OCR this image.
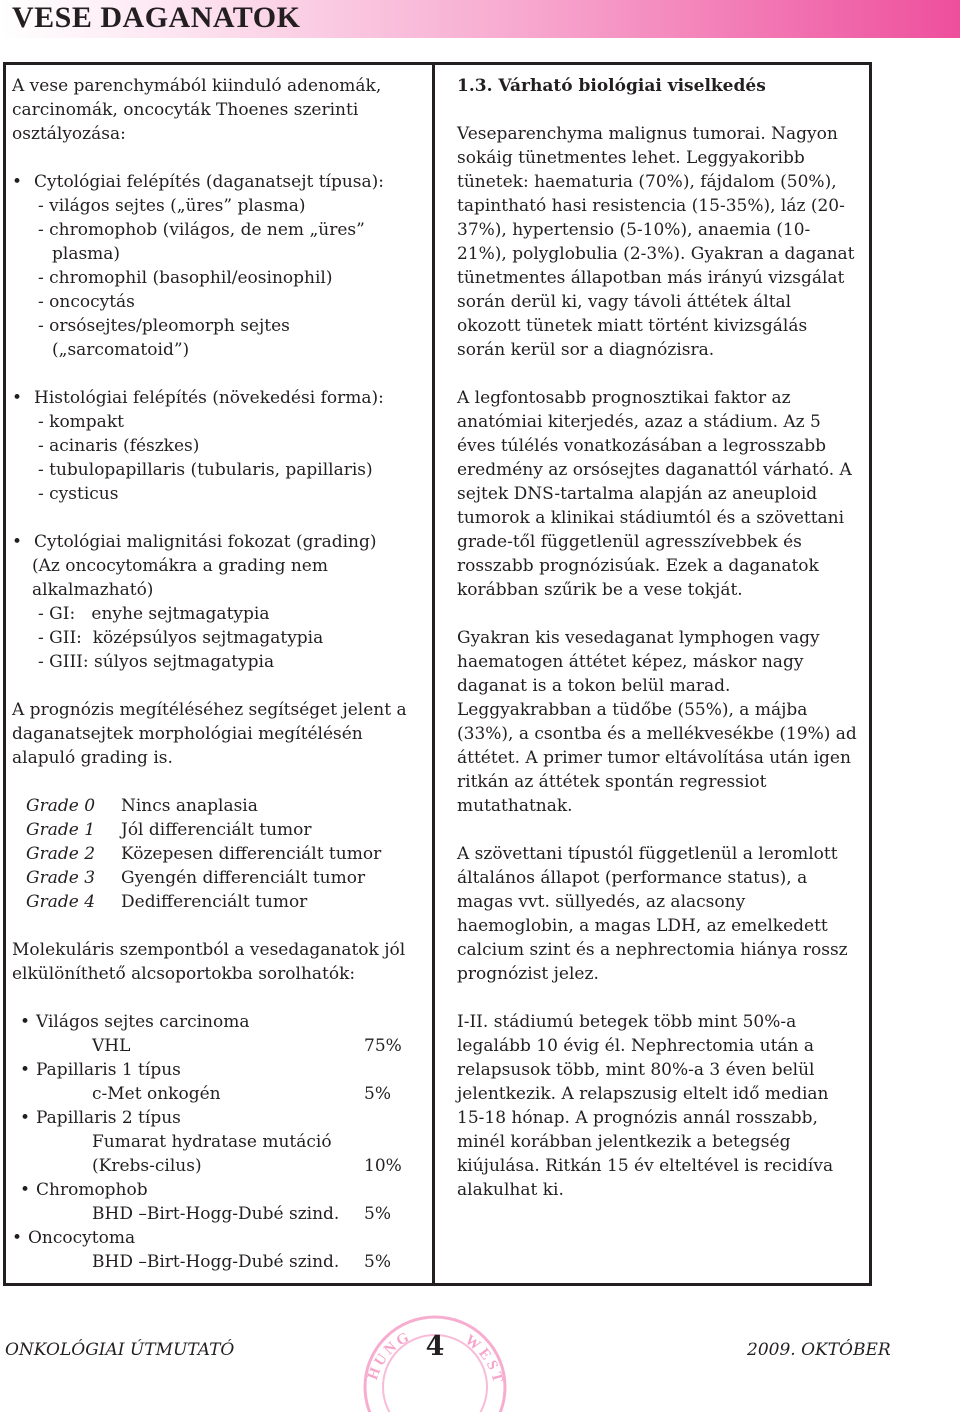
VESE DAGANATOK

A vese parenchymából kiinduló adenomák, carcinomák, oncocyták Thoenes szerinti osztályozása:

• Cytológiai felépítés (daganatsejt típusa):
- világos sejtes („üres” plasma)
- chromophob (világos, de nem „üres”
plasma)
- chromophil (basophil/eosinophil)
- oncocytás
- orsósejtes/pleomorph sejtes
(„sarcomatoid”)
• Histológiai felépítés (növekedési forma):
- kompakt
- acinaris (fészkes)
- tubulopapillaris (tubularis, papillaris)
- cysticus
• Cytológiai malignitási fokozat (grading)
(Az oncocytomákra a grading nem
alkalmazható)
- GI:   enyhe sejtmagatypia
- GII:  középsúlyos sejtmagatypia
- GIII: súlyos sejtmagatypia

A prognózis megítéléséhez segítséget jelent a daganatsejtek morphológiai megítélésén alapuló grading is.

Grade 0	Nincs anaplasia
Grade 1	Jól differenciált tumor
Grade 2	Közepesen differenciált tumor
Grade 3	Gyengén differenciált tumor
Grade 4	Dedifferenciált tumor

Molekuláris szempontból a vesedaganatok jól elkülöníthető alcsoportokba sorolhatók:

• Világos sejtes carcinoma
VHL	75%
• Papillaris 1 típus
c-Met onkogén	5%
• Papillaris 2 típus
Fumarat hydratase mutáció
(Krebs-cilus)	10%
• Chromophob
BHD –Birt-Hogg-Dubé szind.	5%
• Oncocytoma
BHD –Birt-Hogg-Dubé szind.	5%

1.3. Várható biológiai viselkedés

Veseparenchyma malignus tumorai. Nagyon sokáig tünetmentes lehet. Leggyakoribb tünetek: haematuria (70%), fájdalom (50%), tapintható hasi resistencia (15-35%), láz (20-37%), hypertensio (5-10%), anaemia (10-21%), polyglobulia (2-3%). Gyakran a daganat tünetmentes állapotban más irányú vizsgálat során derül ki, vagy távoli áttétek által okozott tünetek miatt történt kivizsgálás során kerül sor a diagnózisra.

A legfontosabb prognosztikai faktor az anatómiai kiterjedés, azaz a stádium. Az 5 éves túlélés vonatkozásában a legrosszabb eredmény az orsósejtes daganattól várható. A sejtek DNS-tartalma alapján az aneuploid tumorok a klinikai stádiumtól és a szövettani grade-től függetlenül agresszívebbek és rosszabb prognózisúak. Ezek a daganatok korábban szűrik be a vese tokját.

Gyakran kis vesedaganat lymphogen vagy haematogen áttétet képez, máskor nagy daganat is a tokon belül marad. Leggyakrabban a tüdőbe (55%), a májba (33%), a csontba és a mellékvesékbe (19%) ad áttétet. A primer tumor eltávolítása után igen ritkán az áttétek spontán regressiot mutathatnak.

A szövettani típustól függetlenül a leromlott általános állapot (performance status), a magas vvt. süllyedés, az alacsony haemoglobin, a magas LDH, az emelkedett calcium szint és a nephrectomia hiánya rossz prognózist jelez.

I-II. stádiumú betegek több mint 50%-a legalább 10 évig él. Nephrectomia után a relapsusok több, mint 80%-a 3 éven belül jelentkezik. A relapszusig eltelt idő median 15-18 hónap. A prognózis annál rosszabb, minél korábban jelentkezik a betegség kiújulása. Ritkán 15 év elteltével is recidíva alakulhat ki.

ONKOLÓGIAI ÚTMUTATÓ
HUNG	WEST
4	2009. OKTÓBER
